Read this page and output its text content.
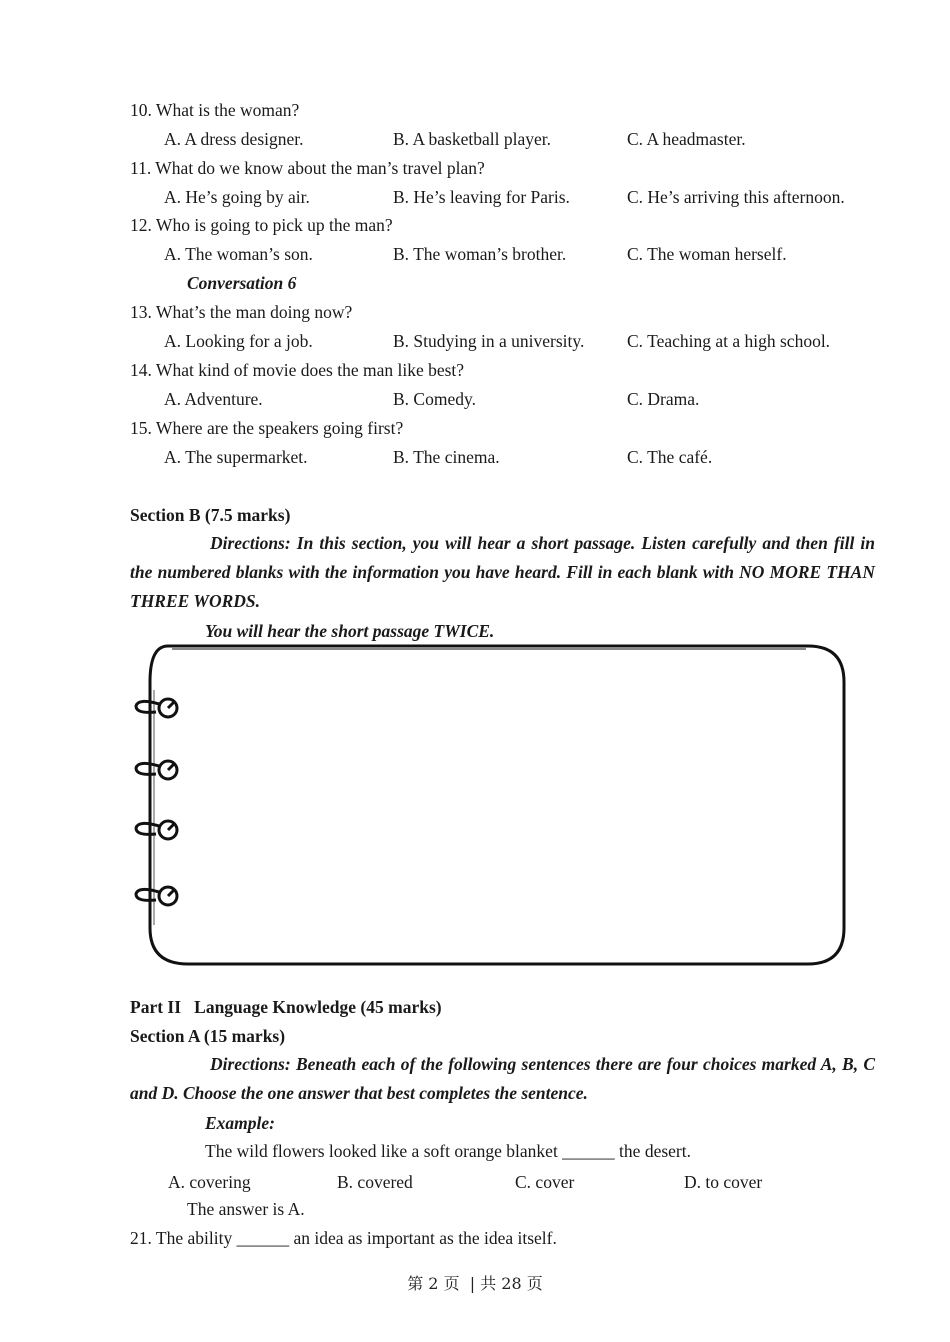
10. What is the woman?
A. A dress designer.	B. A basketball player.	C. A headmaster.
11. What do we know about the man’s travel plan?
A. He’s going by air.	B. He’s leaving for Paris.	C. He’s arriving this afternoon.
12. Who is going to pick up the man?
A. The woman’s son.	B. The woman’s brother.	C. The woman herself.
Conversation 6
13. What’s the man doing now?
A. Looking for a job.	B. Studying in a university. C. Teaching at a high school.
14. What kind of movie does the man like best?
A. Adventure.	B. Comedy.	C. Drama.
15. Where are the speakers going first?
A. The supermarket.	B. The cinema.	C. The café.
Section B (7.5 marks)
Directions: In this section, you will hear a short passage. Listen carefully and then fill in the numbered blanks with the information you have heard. Fill in each blank with NO MORE THAN THREE WORDS.
You will hear the short passage TWICE.
Part II   Language Knowledge (45 marks)
Section A (15 marks)
Directions: Beneath each of the following sentences there are four choices marked A, B, C and D. Choose the one answer that best completes the sentence.
Example:
The wild flowers looked like a soft orange blanket ______ the desert.
A. covering	B. covered	C. cover	D. to cover
The answer is A.
21. The ability ______ an idea as important as the idea itself.
第 2 页  | 共 28 页
